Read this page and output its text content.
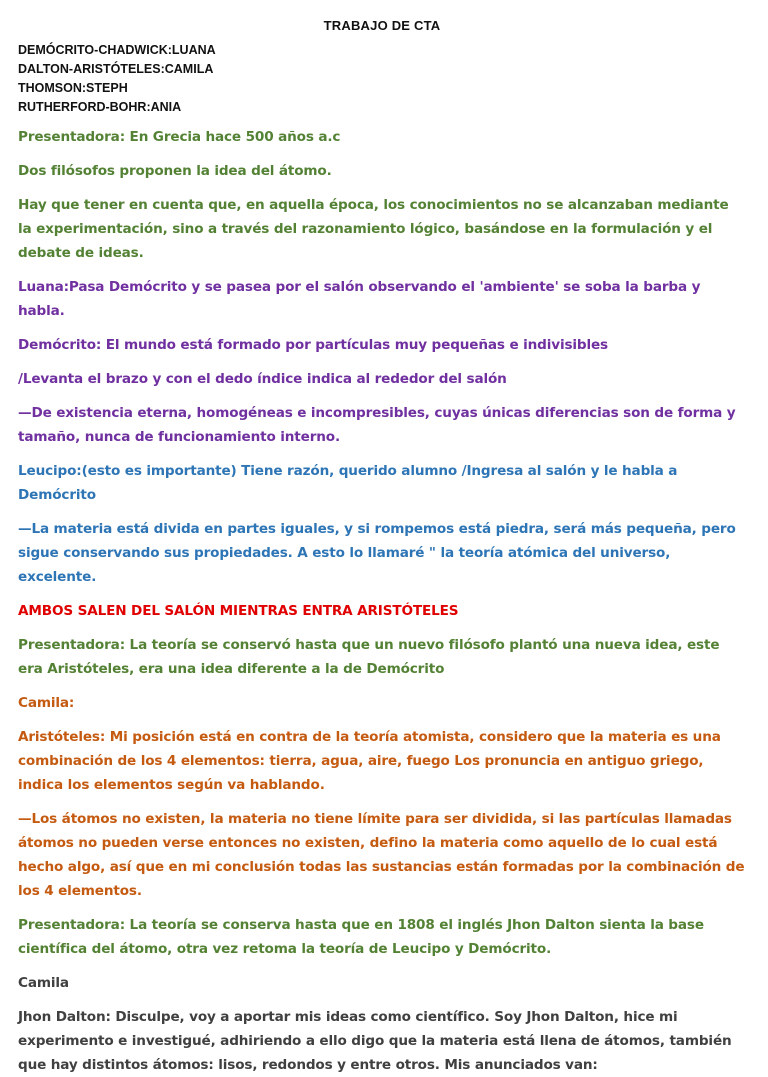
TRABAJO DE CTA
DEMÓCRITO-CHADWICK:LUANA
DALTON-ARISTÓTELES:CAMILA
THOMSON:STEPH
RUTHERFORD-BOHR:ANIA

Presentadora: En Grecia hace 500 años a.c

Dos filósofos proponen la idea del átomo.

Hay que tener en cuenta que, en aquella época, los conocimientos no se alcanzaban mediante la experimentación, sino a través del razonamiento lógico, basándose en la formulación y el debate de ideas.

Luana:Pasa Demócrito y se pasea por el salón observando el 'ambiente' se soba la barba y habla.

Demócrito: El mundo está formado por partículas muy pequeñas e indivisibles

/Levanta el brazo y con el dedo índice indica al rededor del salón

—De existencia eterna, homogéneas e incompresibles, cuyas únicas diferencias son de forma y tamaño, nunca de funcionamiento interno.

Leucipo:(esto es importante) Tiene razón, querido alumno /Ingresa al salón y le habla a Demócrito

—La materia está divida en partes iguales, y si rompemos está piedra, será más pequeña, pero sigue conservando sus propiedades. A esto lo llamaré " la teoría atómica del universo, excelente.

AMBOS SALEN DEL SALÓN MIENTRAS ENTRA ARISTÓTELES

Presentadora: La teoría se conservó hasta que un nuevo filósofo plantó una nueva idea, este era Aristóteles, era una idea diferente a la de Demócrito

Camila:

Aristóteles: Mi posición está en contra de la teoría atomista, considero que la materia es una combinación de los 4 elementos: tierra, agua, aire, fuego Los pronuncia en antiguo griego, indica los elementos según va hablando.

—Los átomos no existen, la materia no tiene límite para ser dividida, si las partículas llamadas átomos no pueden verse entonces no existen, defino la materia como aquello de lo cual está hecho algo, así que en mi conclusión todas las sustancias están formadas por la combinación de los 4 elementos.

Presentadora: La teoría se conserva hasta que en 1808 el inglés Jhon Dalton sienta la base científica del átomo, otra vez retoma la teoría de Leucipo y Demócrito.

Camila

Jhon Dalton: Disculpe, voy a aportar mis ideas como científico. Soy Jhon Dalton, hice mi experimento e investigué, adhiriendo a ello digo que la materia está llena de átomos, también que hay distintos átomos: lisos, redondos y entre otros. Mis anunciados van:
